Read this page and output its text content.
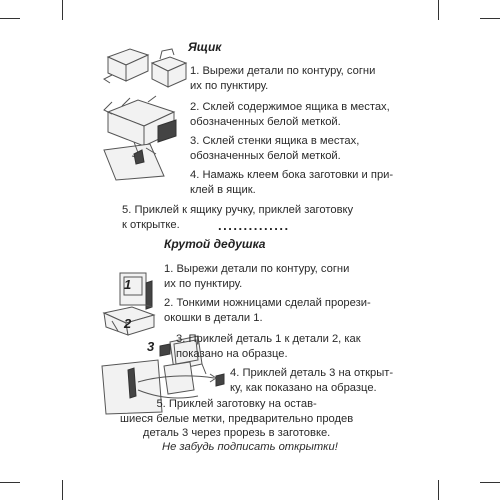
Ящик
1. Вырежи детали по контуру, согни
их по пунктиру.
2. Склей содержимое ящика в местах,
обозначенных белой меткой.
3. Склей стенки ящика в местах,
обозначенных белой меткой.
4. Намажь клеем бока заготовки и при-
клей в ящик.
5. Приклей к ящику ручку, приклей заготовку
к открытке.	..............
Крутой дедушка
1
2
3
1. Вырежи детали по контуру, согни
их по пунктиру.
2. Тонкими ножницами сделай прорези-
окошки в детали 1.
3. Приклей деталь 1 к детали 2, как
показано на образце.
4. Приклей деталь 3 на открыт-
ку, как показано на образце.
5. Приклей заготовку на остав-
шиеся белые метки, предварительно продев
деталь 3 через прорезь в заготовке.
Не забудь подписать открытки!
